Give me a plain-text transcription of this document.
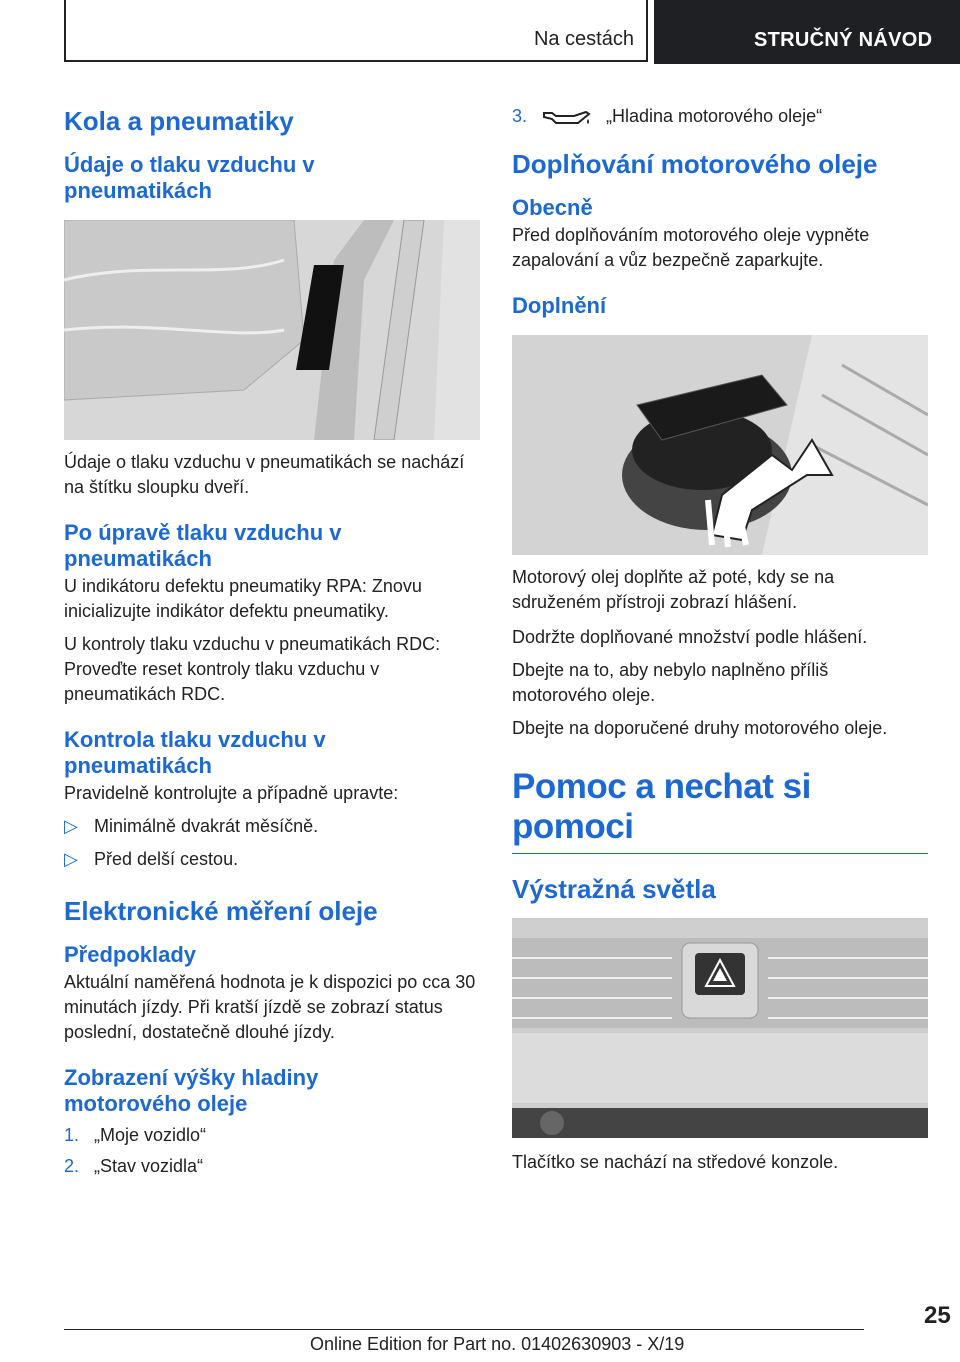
Na cestách	STRUČNÝ NÁVOD
Kola a pneumatiky
Údaje o tlaku vzduchu v pneumatikách
Údaje o tlaku vzduchu v pneumatikách se nachází na štítku sloupku dveří.
Po úpravě tlaku vzduchu v pneumatikách
U indikátoru defektu pneumatiky RPA: Znovu inicializujte indikátor defektu pneumatiky.
U kontroly tlaku vzduchu v pneumatikách RDC: Proveďte reset kontroly tlaku vzduchu v pneumatikách RDC.
Kontrola tlaku vzduchu v pneumatikách
Pravidelně kontrolujte a případně upravte:
▷ Minimálně dvakrát měsíčně.
▷ Před delší cestou.
Elektronické měření oleje
Předpoklady
Aktuální naměřená hodnota je k dispozici po cca 30 minutách jízdy. Při kratší jízdě se zobrazí status poslední, dostatečně dlouhé jízdy.
Zobrazení výšky hladiny motorového oleje
1. „Moje vozidlo“
2. „Stav vozidla“
3.	„Hladina motorového oleje“
Doplňování motorového oleje
Obecně
Před doplňováním motorového oleje vypněte zapalování a vůz bezpečně zaparkujte.
Doplnění
Motorový olej doplňte až poté, kdy se na sdruženém přístroji zobrazí hlášení.
Dodržte doplňované množství podle hlášení.
Dbejte na to, aby nebylo naplněno příliš motorového oleje.
Dbejte na doporučené druhy motorového oleje.
Pomoc a nechat si pomoci
Výstražná světla
Tlačítko se nachází na středové konzole.
25
Online Edition for Part no. 01402630903 - X/19
